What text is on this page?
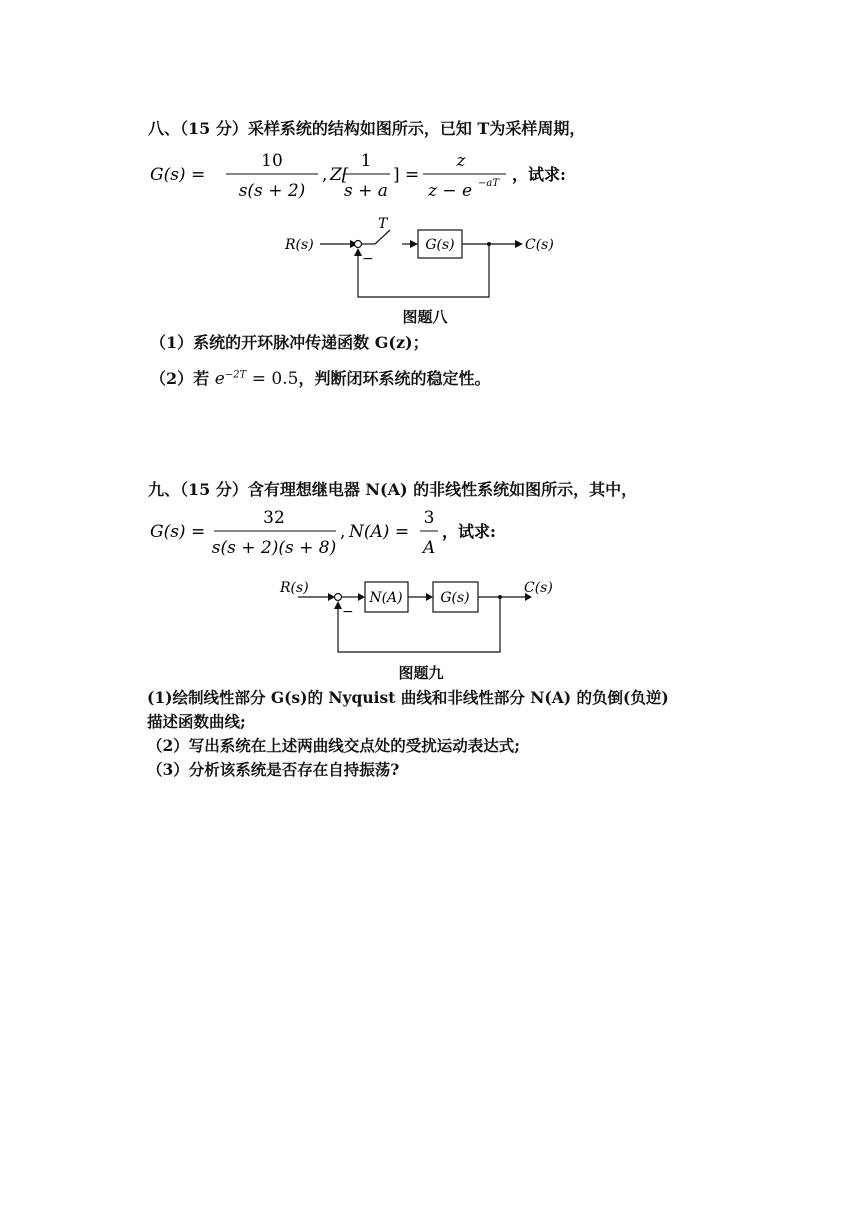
八、（15 分）采样系统的结构如图所示，已知 T为采样周期，
G(s) =
10
s(s + 2)
, Z[
1
s + a
] =
z
z − e −aT ，试求:
R(s)
−
T
G(s)	C(s)
图题八
（1）系统的开环脉冲传递函数 G(z)；
（2）若 $e^{-2T} = 0.5$，判断闭环系统的稳定性。
九、（15 分）含有理想继电器 N(A) 的非线性系统如图所示，其中，
G(s) =
32
s(s + 2)(s + 8)
, N(A) =
3
A
，试求:
R(s)
−
N(A)	G(s)
C(s)
图题九
(1)绘制线性部分 G(s)的 Nyquist 曲线和非线性部分 N(A) 的负倒(负逆)
描述函数曲线;
（2）写出系统在上述两曲线交点处的受扰运动表达式;
（3）分析该系统是否存在自持振荡?
